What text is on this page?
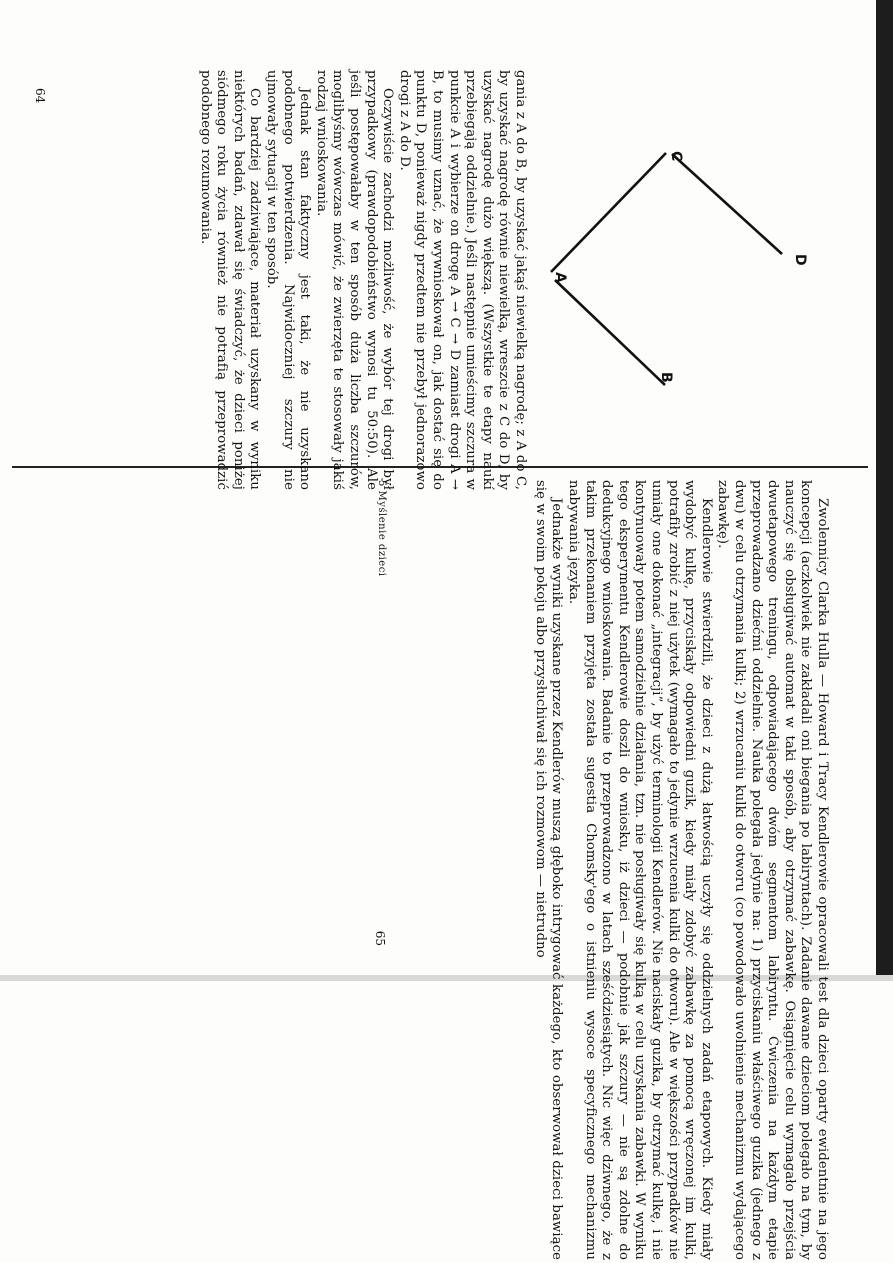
gania z A do B, by uzyskać jakąś niewielką nagrodę; z A do C, by uzyskać nagrodę równie niewielką, wreszcie z C do D, by uzyskać nagrodę dużo większą. (Wszystkie te etapy naukí przebiegają oddzielnie.) Jeśli następnie umieścimy szczura w punkcie A i wybierze on drogę A → C → D zamiast drogi A → B, to musimy uznać, że wywnioskował on, jak dostać się do punktu D, ponieważ nigdy przedtem nie przebył jednorazowo drogi z A do D.

Oczywiście zachodzi możliwość, że wybór tej drogi był przypadkowy (prawdopodobieństwo wynosi tu 50:50). Ale jeśli postępowałaby w ten sposób duża liczba szczurów, moglibyśmy wówczas mówić, że zwierzęta te stosowały jakiś rodzaj wnioskowania.

Jednak stan faktyczny jest taki, że nie uzyskano podobnego potwierdzenia. Najwidoczniej szczury nie ujmowały sytuacji w ten sposób.

Co bardziej zadziwiające, materiał uzyskany w wyniku niektórych badań, zdawał się świadczyć, że dzieci poniżej siódmego roku życia również nie potrafią przeprowadzić podobnego rozumowania.

64
A
B
C
D

Zwolennicy Clarka Hulla — Howard i Tracy Kendlerowie opracowali test dla dzieci oparty ewidentnie na jego koncepcji (aczkolwiek nie zakładali oni biegania po labiryntach). Zadanie dawane dzieciom polegało na tym, by nauczyć się obsługiwać automat w taki sposób, aby otrzymać zabawkę. Osiągnięcie celu wymagało przejścia dwuetapowego treningu, odpowiadającego dwóm segmentom labiryntu. Ćwiczenia na każdym etapie przeprowadzano dziećmi oddzielnie. Nauka polegała jedynie na: 1) przyciskaniu właściwego guzika (jednego z dwu) w celu otrzymania kulki; 2) wrzucaniu kulki do otworu (co powodowało uwolnienie mechanizmu wydającego zabawkę).

Kendlerowie stwierdzili, że dzieci z dużą łatwością uczyły się oddzielnych zadań etapowych. Kiedy miały wydobyć kulkę, przyciskały odpowiedni guzik, kiedy miały zdobyć zabawkę za pomocą wręczonej im kulki, potrafiły zrobić z niej użytek (wymagało to jedynie wrzucenia kulki do otworu). Ale w większości przypadków nie umiały one dokonać „integracji”, by użyć terminologii Kendlerów. Nie naciskały guzika, by otrzymać kulkę, i nie kontynuowały potem samodzielnie działania, tzn. nie posługiwały się kulką w celu uzyskania zabawki. W wyniku tego eksperymentu Kendlerowie doszli do wniosku, iż dzieci — podobnie jak szczury — nie są zdolne do dedukcyjnego wnioskowania. Badanie to przeprowadzono w latach sześćdziesiątych. Nic więc dziwnego, że z takim przekonaniem przyjęta została sugestia Chomsky'ego o istnieniu wysoce specyficznego mechanizmu nabywania języka.

Jednakże wyniki uzyskane przez Kendlerów muszą głęboko intrygować każdego, kto obserwował dzieci bawiące się w swoim pokoju albo przysłuchiwał się ich rozmowom — nietrudno

5 Myślenie dzieci

65
